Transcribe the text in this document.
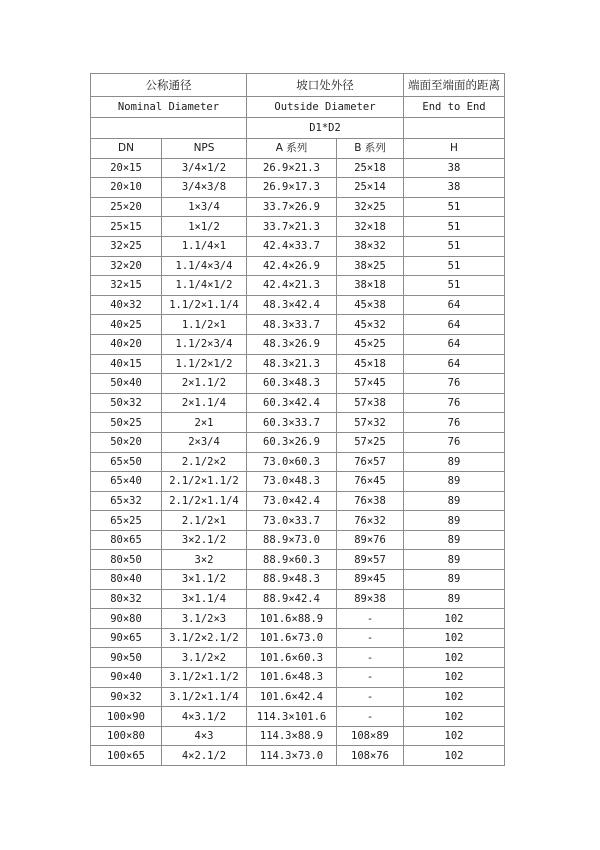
公称通径		坡口处外径		端面至端面的距离
Nominal Diameter		Outside Diameter		End to End
		D1*D2		
DN	NPS	A 系列	B 系列	H
20×15	3/4×1/2	26.9×21.3	25×18	38
20×10	3/4×3/8	26.9×17.3	25×14	38
25×20	1×3/4	33.7×26.9	32×25	51
25×15	1×1/2	33.7×21.3	32×18	51
32×25	1.1/4×1	42.4×33.7	38×32	51
32×20	1.1/4×3/4	42.4×26.9	38×25	51
32×15	1.1/4×1/2	42.4×21.3	38×18	51
40×32	1.1/2×1.1/4	48.3×42.4	45×38	64
40×25	1.1/2×1	48.3×33.7	45×32	64
40×20	1.1/2×3/4	48.3×26.9	45×25	64
40×15	1.1/2×1/2	48.3×21.3	45×18	64
50×40	2×1.1/2	60.3×48.3	57×45	76
50×32	2×1.1/4	60.3×42.4	57×38	76
50×25	2×1	60.3×33.7	57×32	76
50×20	2×3/4	60.3×26.9	57×25	76
65×50	2.1/2×2	73.0×60.3	76×57	89
65×40	2.1/2×1.1/2	73.0×48.3	76×45	89
65×32	2.1/2×1.1/4	73.0×42.4	76×38	89
65×25	2.1/2×1	73.0×33.7	76×32	89
80×65	3×2.1/2	88.9×73.0	89×76	89
80×50	3×2	88.9×60.3	89×57	89
80×40	3×1.1/2	88.9×48.3	89×45	89
80×32	3×1.1/4	88.9×42.4	89×38	89
90×80	3.1/2×3	101.6×88.9	-	102
90×65	3.1/2×2.1/2	101.6×73.0	-	102
90×50	3.1/2×2	101.6×60.3	-	102
90×40	3.1/2×1.1/2	101.6×48.3	-	102
90×32	3.1/2×1.1/4	101.6×42.4	-	102
100×90	4×3.1/2	114.3×101.6	-	102
100×80	4×3	114.3×88.9	108×89	102
100×65	4×2.1/2	114.3×73.0	108×76	102
